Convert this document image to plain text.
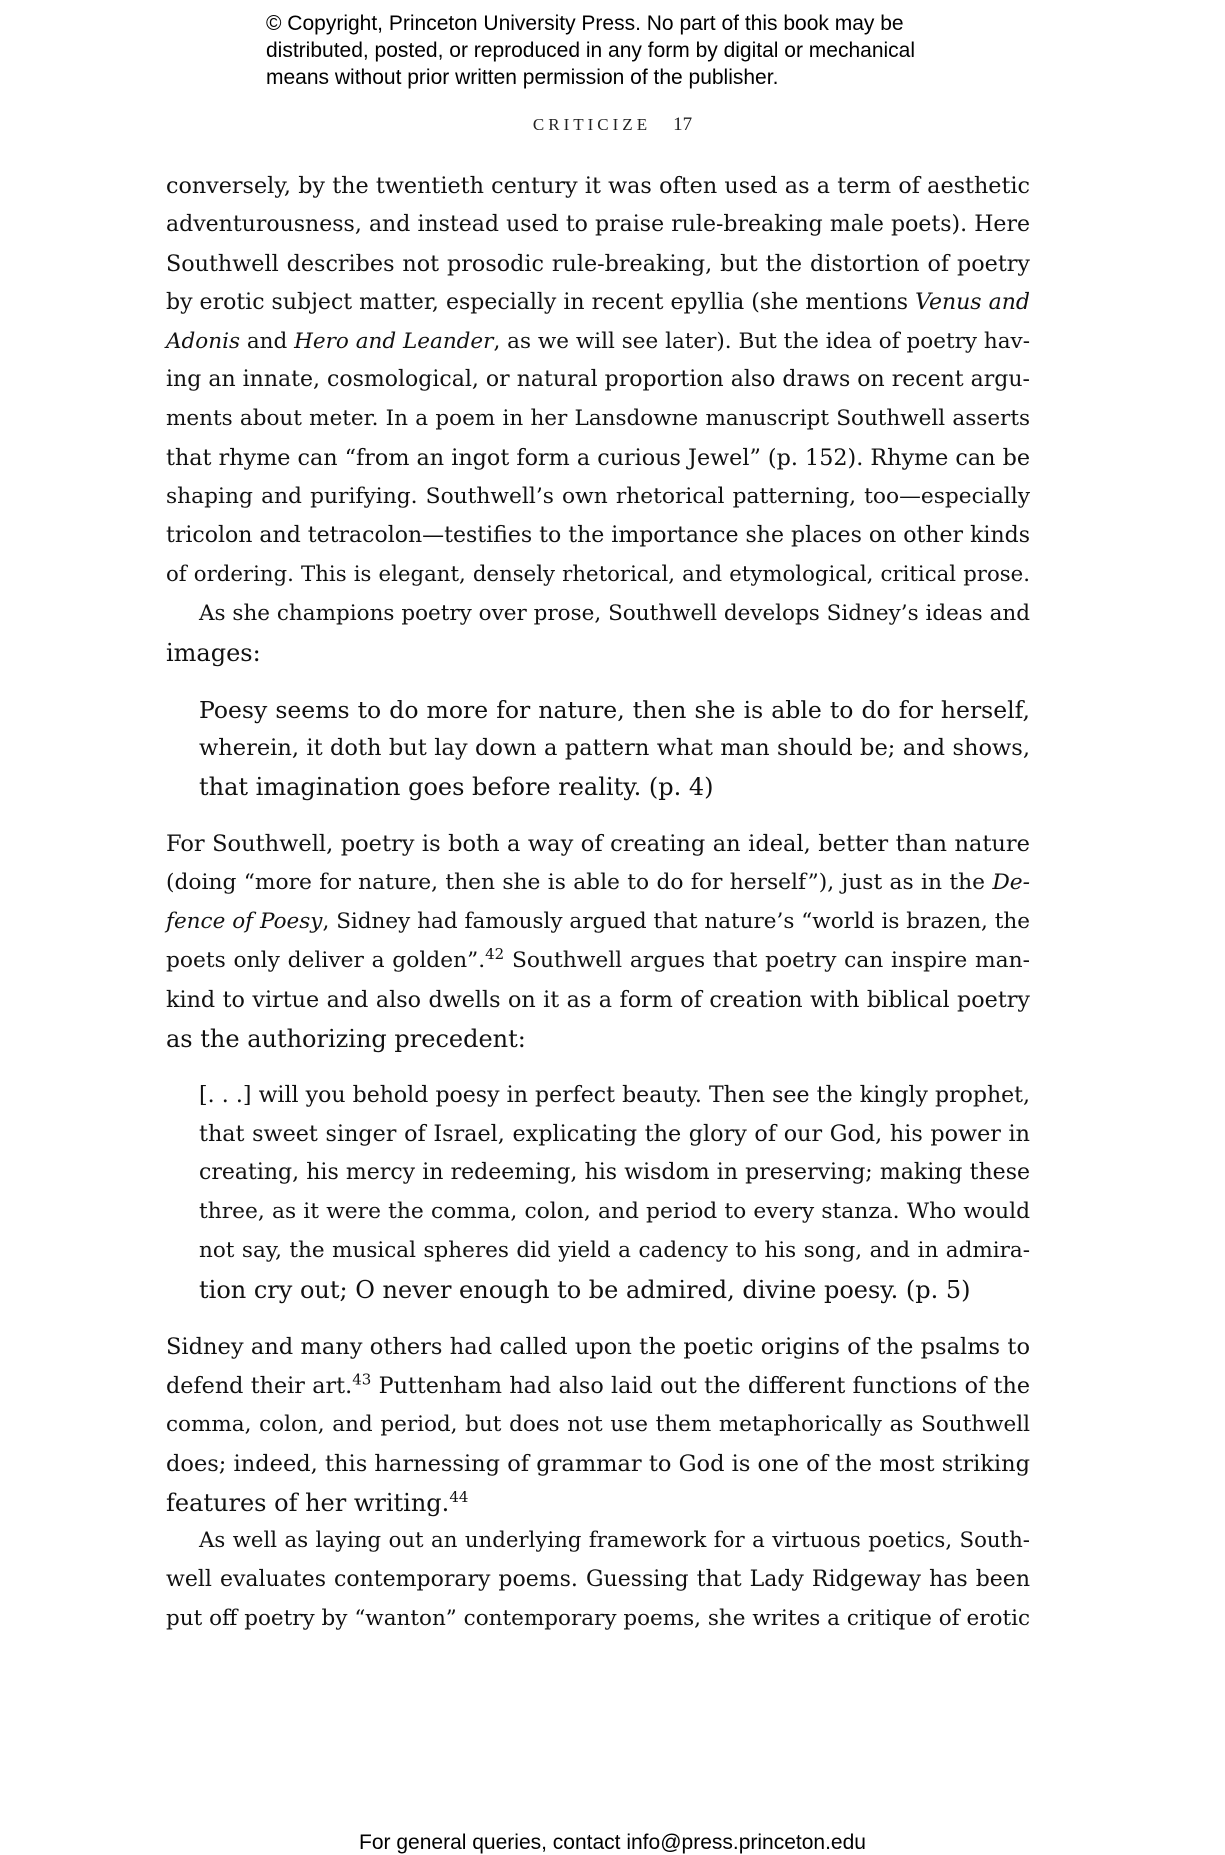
© Copyright, Princeton University Press. No part of this book may be
distributed, posted, or reproduced in any form by digital or mechanical
means without prior written permission of the publisher.
CRITICIZE 17
conversely, by the twentieth century it was often used as a term of aesthetic
adventurousness, and instead used to praise rule-breaking male poets). Here
Southwell describes not prosodic rule-breaking, but the distortion of poetry
by erotic subject matter, especially in recent epyllia (she mentions Venus and
Adonis and Hero and Leander, as we will see later). But the idea of poetry hav-
ing an innate, cosmological, or natural proportion also draws on recent argu-
ments about meter. In a poem in her Lansdowne manuscript Southwell asserts
that rhyme can “from an ingot form a curious Jewel” (p. 152). Rhyme can be
shaping and purifying. Southwell’s own rhetorical patterning, too—especially
tricolon and tetracolon—testifies to the importance she places on other kinds
of ordering. This is elegant, densely rhetorical, and etymological, critical prose.
As she champions poetry over prose, Southwell develops Sidney’s ideas and
images:
Poesy seems to do more for nature, then she is able to do for herself,
wherein, it doth but lay down a pattern what man should be; and shows,
that imagination goes before reality. (p. 4)
For Southwell, poetry is both a way of creating an ideal, better than nature
(doing “more for nature, then she is able to do for herself”), just as in the De-
fence of Poesy, Sidney had famously argued that nature’s “world is brazen, the
poets only deliver a golden”.$^{42}$ Southwell argues that poetry can inspire man-
kind to virtue and also dwells on it as a form of creation with biblical poetry
as the authorizing precedent:
[. . .] will you behold poesy in perfect beauty. Then see the kingly prophet,
that sweet singer of Israel, explicating the glory of our God, his power in
creating, his mercy in redeeming, his wisdom in preserving; making these
three, as it were the comma, colon, and period to every stanza. Who would
not say, the musical spheres did yield a cadency to his song, and in admira-
tion cry out; O never enough to be admired, divine poesy. (p. 5)
Sidney and many others had called upon the poetic origins of the psalms to
defend their art.$^{43}$ Puttenham had also laid out the different functions of the
comma, colon, and period, but does not use them metaphorically as Southwell
does; indeed, this harnessing of grammar to God is one of the most striking
features of her writing.$^{44}$
As well as laying out an underlying framework for a virtuous poetics, South-
well evaluates contemporary poems. Guessing that Lady Ridgeway has been
put off poetry by “wanton” contemporary poems, she writes a critique of erotic
For general queries, contact info@press.princeton.edu
